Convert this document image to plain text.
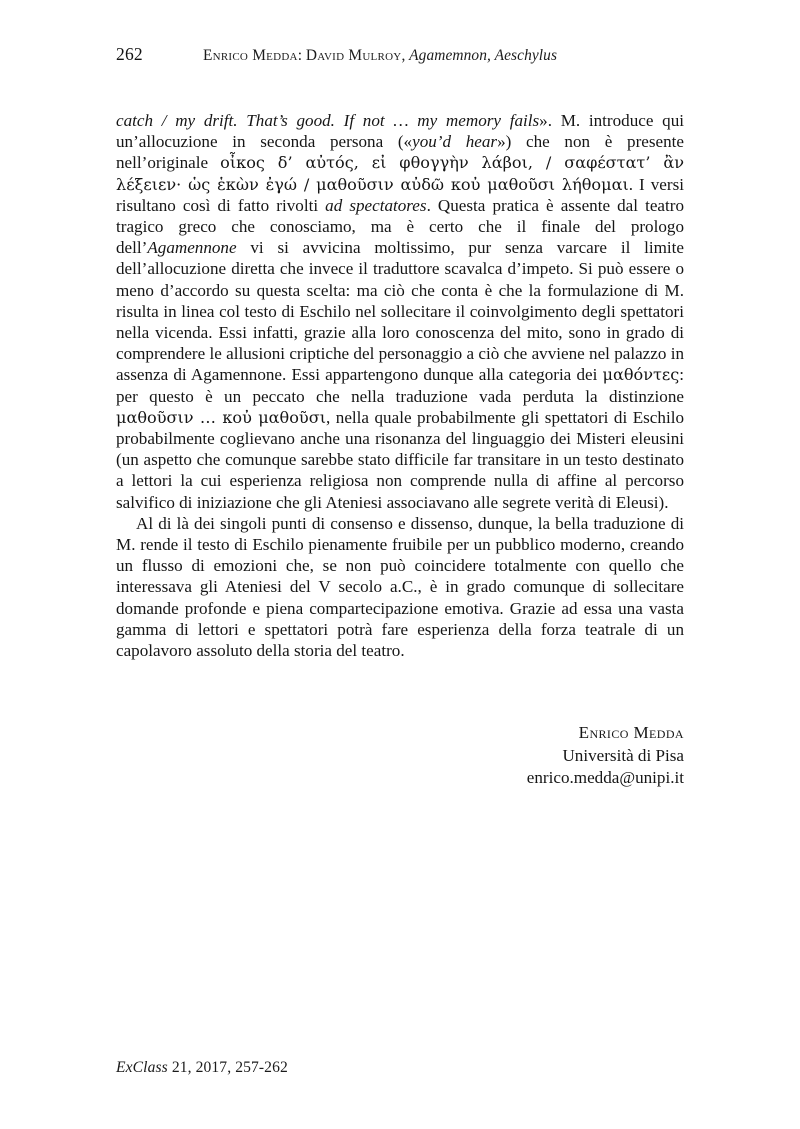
262	Enrico Medda: David Mulroy, Agamemnon, Aeschylus

catch / my drift. That’s good. If not … my memory fails». M. introduce qui un’allocuzione in seconda persona («you’d hear») che non è presente nell’originale oἶκος δ’ αὐτός, εἰ φθογγὴν λάβοι, / σαφέστατ’ ἂν λέξειεν· ὡς ἑκὼν ἐγώ / μαθοῦσιν αὐδῶ κοὐ μαθοῦσι λήθομαι. I versi risultano così di fatto rivolti ad spectatores. Questa pratica è assente dal teatro tragico greco che conosciamo, ma è certo che il finale del prologo dell’Agamennone vi si avvicina moltissimo, pur senza varcare il limite dell’allocuzione diretta che invece il traduttore scavalca d’impeto. Si può essere o meno d’accordo su questa scelta: ma ciò che conta è che la formulazione di M. risulta in linea col testo di Eschilo nel sollecitare il coinvolgimento degli spettatori nella vicenda. Essi infatti, grazie alla loro conoscenza del mito, sono in grado di comprendere le allusioni criptiche del personaggio a ciò che avviene nel palazzo in assenza di Agamennone. Essi appartengono dunque alla categoria dei μαθόντες: per questo è un peccato che nella traduzione vada perduta la distinzione μαθοῦσιν … κοὐ μαθοῦσι, nella quale probabilmente gli spettatori di Eschilo probabilmente coglievano anche una risonanza del linguaggio dei Misteri eleusini (un aspetto che comunque sarebbe stato difficile far transitare in un testo destinato a lettori la cui esperienza religiosa non comprende nulla di affine al percorso salvifico di iniziazione che gli Ateniesi associavano alle segrete verità di Eleusi).

Al di là dei singoli punti di consenso e dissenso, dunque, la bella traduzione di M. rende il testo di Eschilo pienamente fruibile per un pubblico moderno, creando un flusso di emozioni che, se non può coincidere totalmente con quello che interessava gli Ateniesi del V secolo a.C., è in grado comunque di sollecitare domande profonde e piena compartecipazione emotiva. Grazie ad essa una vasta gamma di lettori e spettatori potrà fare esperienza della forza teatrale di un capolavoro assoluto della storia del teatro.

Enrico Medda
Università di Pisa
enrico.medda@unipi.it
ExClass 21, 2017, 257-262
